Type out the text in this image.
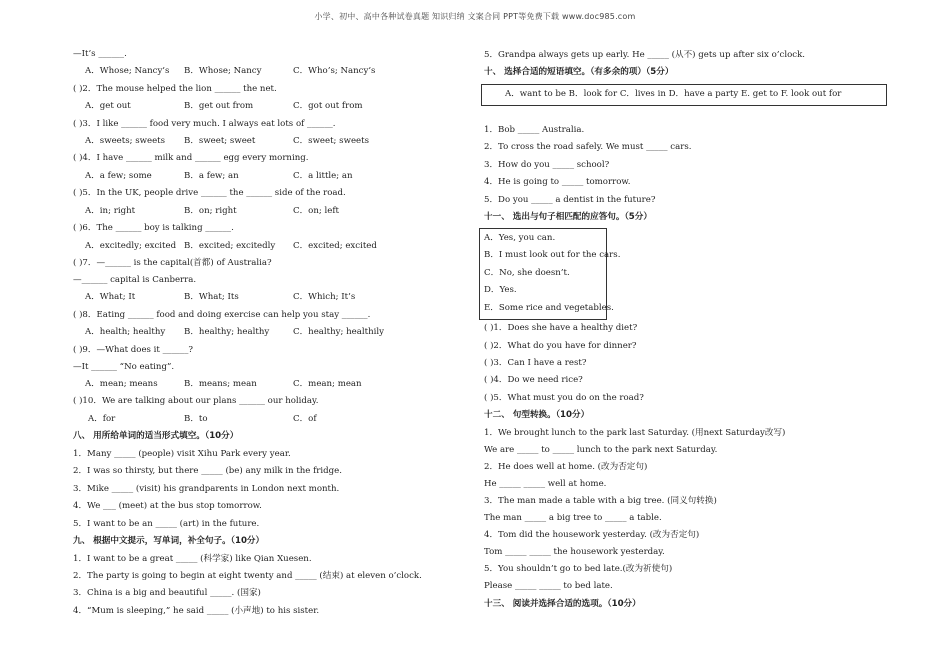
小学、初中、高中各种试卷真题 知识归纳 文案合同 PPT等免费下载 www.doc985.com
—It’s ______.
A．Whose; Nancy’s B．Whose; Nancy	C．Who’s; Nancy’s
( )2．The mouse helped the lion ______ the net.
A．get out	B．get out from	C．got out from
( )3．I like ______ food very much. I always eat lots of ______.
A．sweets; sweets B．sweet; sweet	C．sweet; sweets
( )4．I have ______ milk and ______ egg every morning.
A．a few; some	B．a few; an	C．a little; an
( )5．In the UK, people drive ______ the ______ side of the road.
A．in; right	B．on; right	C．on; left
( )6．The ______ boy is talking ______.
A．excitedly; excited B．excited; excitedly C．excited; excited
( )7．—______ is the capital(首都) of Australia?
—______ capital is Canberra.
A．What; It	B．What; Its	C．Which; It’s
( )8．Eating ______ food and doing exercise can help you stay ______.
A．health; healthy B．healthy; healthy	C．healthy; healthily
( )9．—What does it ______?
—It ______ “No eating”.
A．mean; means	B．means; mean	C．mean; mean
( )10．We are talking about our plans ______ our holiday.
A．for	B．to	C．of
八、 用所给单词的适当形式填空。（10分）
1．Many _____ (people) visit Xihu Park every year.
2．I was so thirsty, but there _____ (be) any milk in the fridge.
3．Mike _____ (visit) his grandparents in London next month.
4．We ___ (meet) at the bus stop tomorrow.
5．I want to be an _____ (art) in the future.
九、 根据中文提示，写单词，补全句子。（10分）
1．I want to be a great _____ (科学家) like Qian Xuesen.
2．The party is going to begin at eight twenty and _____ (结束) at eleven o’clock.
3．China is a big and beautiful _____. (国家)
4．“Mum is sleeping,” he said _____ (小声地) to his sister.
5．Grandpa always gets up early. He _____ (从不) gets up after six o’clock.
十、 选择合适的短语填空。（有多余的项）（5分）
A．want to be B．look for C．lives in D．have a party E. get to F. look out for
1．Bob _____ Australia.
2．To cross the road safely. We must _____ cars.
3．How do you _____ school?
4．He is going to _____ tomorrow.
5．Do you _____ a dentist in the future?
十一、 选出与句子相匹配的应答句。（5分）
A．Yes, you can.
B．I must look out for the cars.
C．No, she doesn’t.
D．Yes.
E．Some rice and vegetables.
( )1．Does she have a healthy diet?
( )2．What do you have for dinner?
( )3．Can I have a rest?
( )4．Do we need rice?
( )5．What must you do on the road?
十二、 句型转换。（10分）
1．We brought lunch to the park last Saturday. (用next Saturday改写)
We are _____ to _____ lunch to the park next Saturday.
2．He does well at home. (改为否定句)
He _____ _____ well at home.
3．The man made a table with a big tree. (同义句转换)
The man _____ a big tree to _____ a table.
4．Tom did the housework yesterday. (改为否定句)
Tom _____ _____ the housework yesterday.
5．You shouldn’t go to bed late.(改为祈使句)
Please _____ _____ to bed late.
十三、 阅读并选择合适的选项。（10分）
